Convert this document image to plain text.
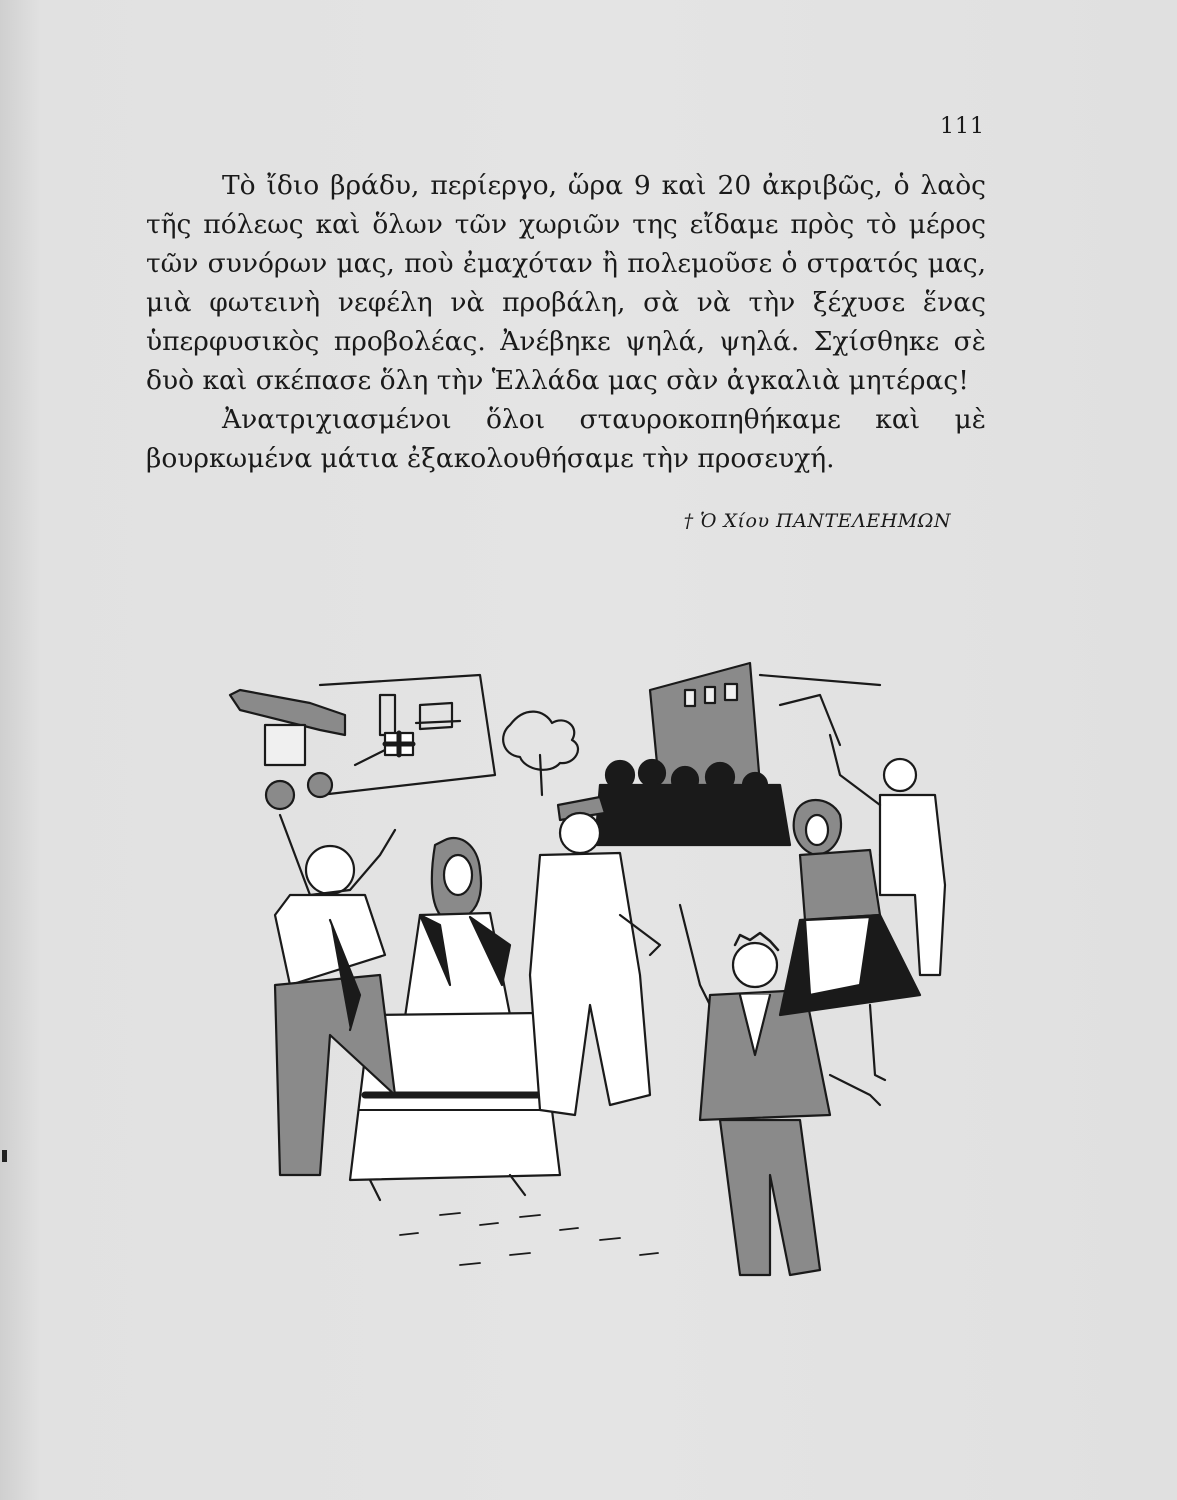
111

Τὸ ἴδιο βράδυ, περίεργο, ὥρα 9 καὶ 20 ἀκριβῶς, ὁ λαὸς τῆς πόλεως καὶ ὅλων τῶν χωριῶν της εἴδαμε πρὸς τὸ μέρος τῶν συνόρων μας, ποὺ ἐμαχόταν ἢ πολεμοῦσε ὁ στρατός μας, μιὰ φωτεινὴ νεφέλη νὰ προβάλη, σὰ νὰ τὴν ξέχυσε ἕνας ὑπερφυσικὸς προβολέας. Ἀνέβηκε ψηλά, ψηλά. Σχίσθηκε σὲ δυὸ καὶ σκέπασε ὅλη τὴν Ἑλλάδα μας σὰν ἀγκαλιὰ μητέρας!

Ἀνατριχιασμένοι ὅλοι σταυροκοπηθήκαμε καὶ μὲ βουρκωμένα μάτια ἐξακολουθήσαμε τὴν προσευχή.

† Ὁ Χίου ΠΑΝΤΕΛΕΗΜΩΝ
